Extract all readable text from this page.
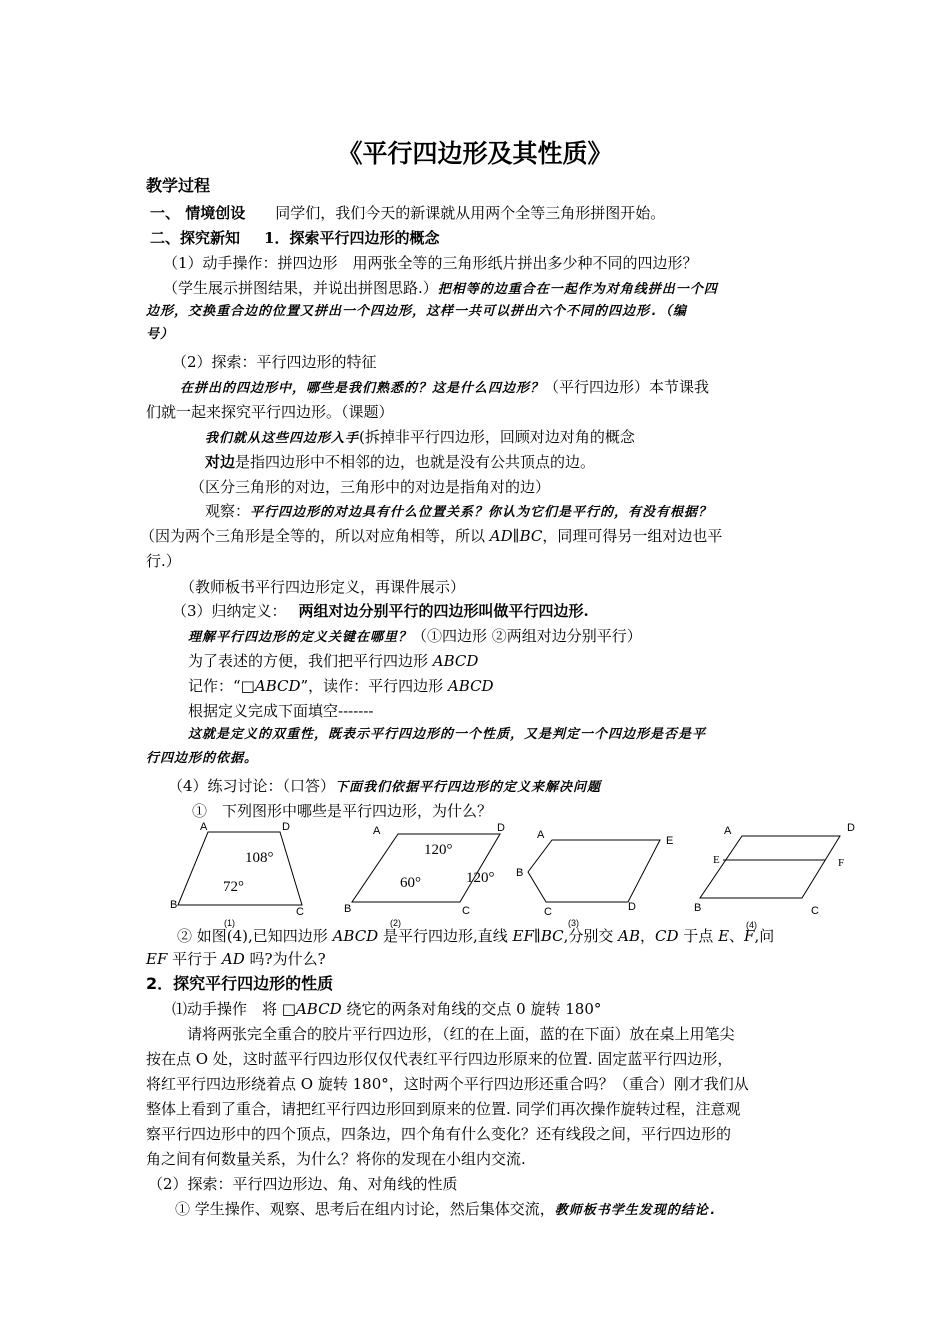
《平行四边形及其性质》
教学过程
一、 情境创设 同学们，我们今天的新课就从用两个全等三角形拼图开始。
二、探究新知 1．探索平行四边形的概念
（1）动手操作：拼四边形　用两张全等的三角形纸片拼出多少种不同的四边形？
（学生展示拼图结果，并说出拼图思路.）把相等的边重合在一起作为对角线拼出一个四
边形，交换重合边的位置又拼出一个四边形，这样一共可以拼出六个不同的四边形.（编
号）
（2）探索：平行四边形的特征
在拼出的四边形中，哪些是我们熟悉的？这是什么四边形？（平行四边形）本节课我
们就一起来探究平行四边形。（课题）
我们就从这些四边形入手(拆掉非平行四边形，回顾对边对角的概念
对边是指四边形中不相邻的边，也就是没有公共顶点的边。
（区分三角形的对边，三角形中的对边是指角对的边）
观察：平行四边形的对边具有什么位置关系？你认为它们是平行的，有没有根据？
（因为两个三角形是全等的，所以对应角相等，所以 AD∥BC，同理可得另一组对边也平
行.）
（教师板书平行四边形定义，再课件展示）
（3）归纳定义： 两组对边分别平行的四边形叫做平行四边形.
理解平行四边形的定义关键在哪里？（①四边形 ②两组对边分别平行）
为了表述的方便，我们把平行四边形 ABCD
记作：“□ABCD”，读作：平行四边形 ABCD
根据定义完成下面填空-------
这就是定义的双重性，既表示平行四边形的一个性质，又是判定一个四边形是否是平
行四边形的依据。
（4）练习讨论：（口答）下面我们依据平行四边形的定义来解决问题
①　下列图形中哪些是平行四边形，为什么？
A	D
B
C
108°
72°
(1)
A	D
B	C
120°
60°	120°
(2)
A	E
B
C	D
(3)
A	D
E	F
B	C
(4)
② 如图(4),已知四边形 ABCD 是平行四边形,直线 EF∥BC,分别交 AB，CD 于点 E、F,问
EF 平行于 AD 吗?为什么?
2．探究平行四边形的性质
⑴动手操作　将 □ABCD 绕它的两条对角线的交点 0 旋转 180°
请将两张完全重合的胶片平行四边形，（红的在上面，蓝的在下面）放在桌上用笔尖
按在点 O 处，这时蓝平行四边形仅仅代表红平行四边形原来的位置. 固定蓝平行四边形，
将红平行四边形绕着点 O 旋转 180°，这时两个平行四边形还重合吗？（重合）刚才我们从
整体上看到了重合，请把红平行四边形回到原来的位置. 同学们再次操作旋转过程，注意观
察平行四边形中的四个顶点，四条边，四个角有什么变化？还有线段之间，平行四边形的
角之间有何数量关系，为什么？将你的发现在小组内交流.
（2）探索：平行四边形边、角、对角线的性质
① 学生操作、观察、思考后在组内讨论，然后集体交流，教师板书学生发现的结论.
